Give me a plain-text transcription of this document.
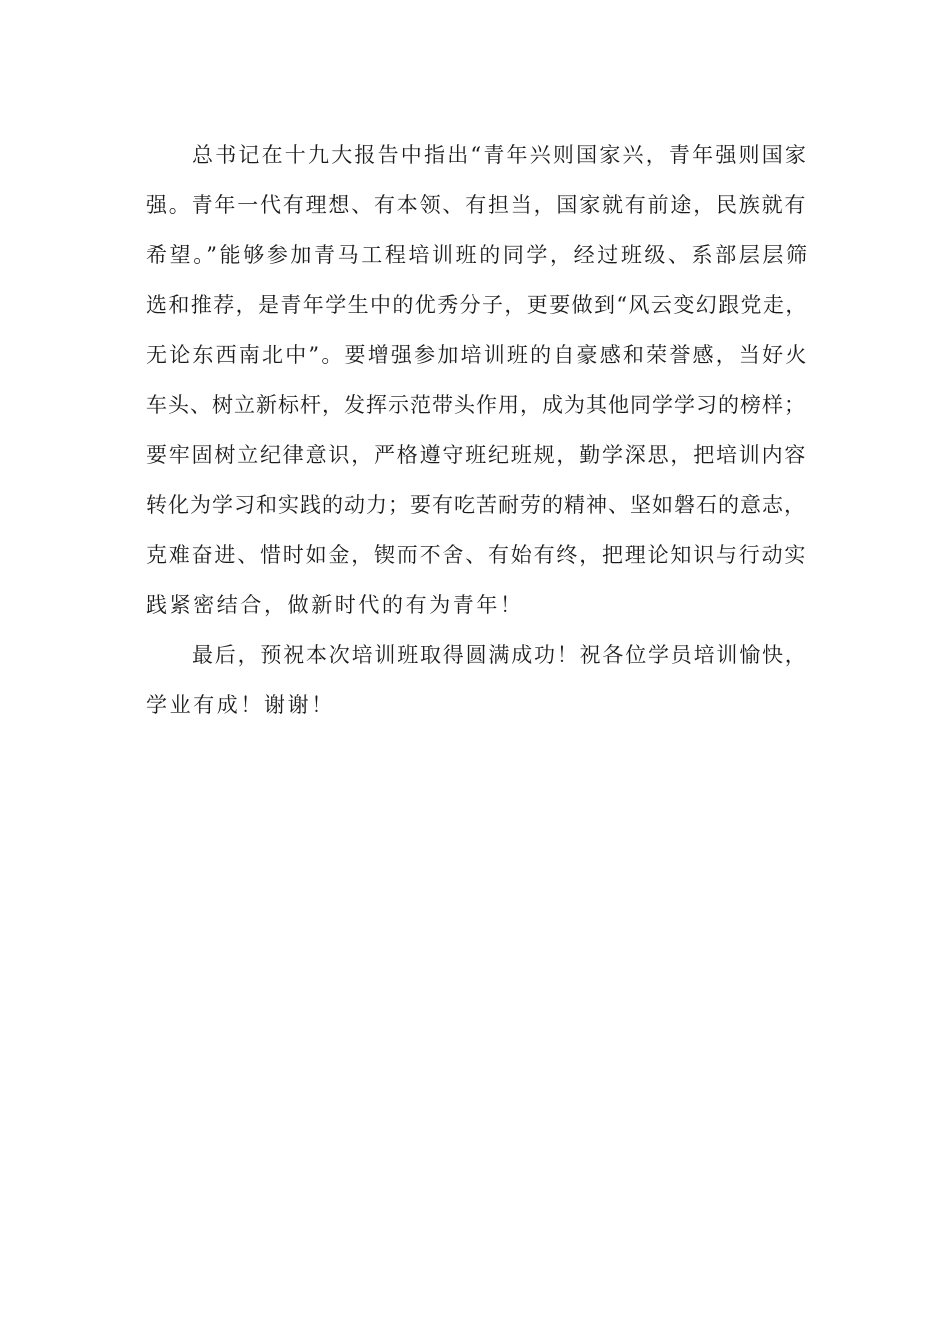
总书记在十九大报告中指出“青年兴则国家兴，青年强则国家
强。青年一代有理想、有本领、有担当，国家就有前途，民族就有
希望。”能够参加青马工程培训班的同学，经过班级、系部层层筛
选和推荐，是青年学生中的优秀分子，更要做到“风云变幻跟党走，
无论东西南北中”。要增强参加培训班的自豪感和荣誉感，当好火
车头、树立新标杆，发挥示范带头作用，成为其他同学学习的榜样；
要牢固树立纪律意识，严格遵守班纪班规，勤学深思，把培训内容
转化为学习和实践的动力；要有吃苦耐劳的精神、坚如磐石的意志，
克难奋进、惜时如金，锲而不舍、有始有终，把理论知识与行动实
践紧密结合，做新时代的有为青年！
最后，预祝本次培训班取得圆满成功！祝各位学员培训愉快，
学业有成！谢谢！
